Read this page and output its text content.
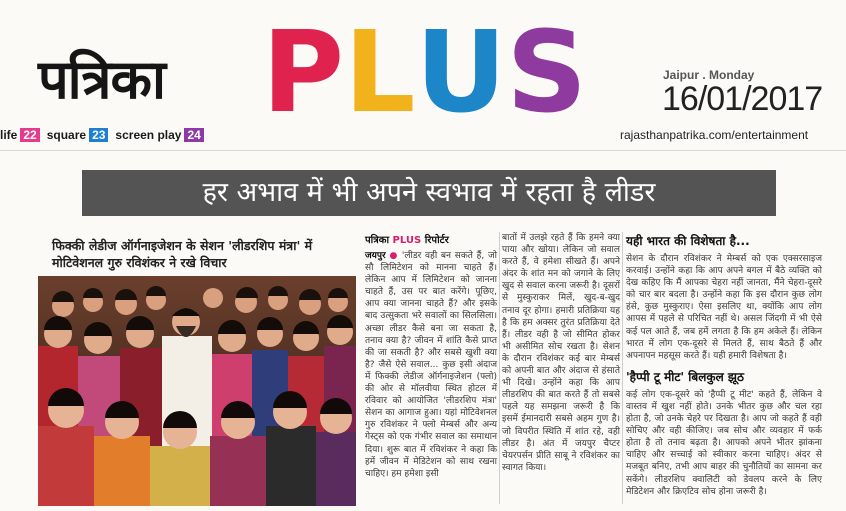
पत्रिका P L U S	Jaipur . Monday
16/01/2017
life 22 square 23 screen play 24	rajasthanpatrika.com/entertainment
हर अभाव में भी अपने स्वभाव में रहता है लीडर
फिक्की लेडीज ऑर्गनाइजेशन के सेशन 'लीडरशिप मंत्रा' में
मोटिवेशनल गुरु रविशंकर ने रखे विचार
पत्रिका PLUS रिपोर्टर
जयपुर ● 'लीडर वही बन सकते हैं, जो सौ लिमिटेशन को मानना चाहते हैं। लेकिन आप में लिमिटेशन को जानना चाहते हैं, उस पर बात करेंगे। पूछिए, आप क्या जानना चाहते हैं? और इसके बाद उत्सुकता भरे सवालों का सिलसिला। अच्छा लीडर कैसे बना जा सकता है, तनाव क्या है? जीवन में शांति कैसे प्राप्त की जा सकती है? और सबसे खुशी क्या है? जैसे ऐसे सवाल... कुछ इसी अंदाज में फिक्की लेडीज ऑर्गनाइजेशन (फ्लो) की ओर से मॉलवीया स्थित होटल में रविवार को आयोजित 'लीडरशिप मंत्रा' सेशन का आगाज हुआ। यहां मोटिवेशनल गुरु रविशंकर ने फ्लो मेम्बर्स और अन्य गेस्ट्स को एक गंभीर सवाल का समाधान दिया। शुरू बात में रविशंकर ने कहा कि हमें जीवन में मेडिटेशन को साथ रखना चाहिए। हम हमेशा इसी
बातों में उलझे रहते हैं कि हमने क्या पाया और खोया। लेकिन जो सवाल करते हैं, वे हमेशा सीखते हैं। अपने अंदर के शांत मन को जगाने के लिए खुद से सवाल करना जरूरी है। दूसरों से मुस्कुराकर मिलें, खुद-ब-खुद तनाव दूर होगा। हमारी प्रतिक्रिया यह है कि हम अक्सर तुरंत प्रतिक्रिया देते हैं। लीडर वही है जो सीमित होकर भी असीमित सोच रखता है। सेशन के दौरान रविशंकर कई बार मेम्बर्स को अपनी बात और अंदाज से हंसाते भी दिखे। उन्होंने कहा कि आप लीडरशिप की बात करते हैं तो सबसे पहले यह समझना जरूरी है कि इसमें ईमानदारी सबसे अहम गुण है। जो विपरीत स्थिति में शांत रहे, वही लीडर है। अंत में जयपुर चैप्टर चेयरपर्सन प्रीति साबू ने रविशंकर का स्वागत किया।
यही भारत की विशेषता है...
सेशन के दौरान रविशंकर ने मेम्बर्स को एक एक्सरसाइज करवाई। उन्होंने कहा कि आप अपने बगल में बैठे व्यक्ति को देख कहिए कि मैं आपका चेहरा नहीं जानता, मैंने चेहरा-दूसरे को चार बार बदला है। उन्होंने कहा कि इस दौरान कुछ लोग हंसे, कुछ मुस्कुराए। ऐसा इसलिए था, क्योंकि आप लोग आपस में पहले से परिचित नहीं थे। असल जिंदगी में भी ऐसे कई पल आते हैं, जब हमें लगता है कि हम अकेले हैं। लेकिन भारत में लोग एक-दूसरे से मिलते हैं, साथ बैठते हैं और अपनापन महसूस करते हैं। यही हमारी विशेषता है।
'हैप्पी टू मीट' बिलकुल झूठ
कई लोग एक-दूसरे को 'हैप्पी टू मीट' कहते हैं, लेकिन वे वास्तव में खुश नहीं होते। उनके भीतर कुछ और चल रहा होता है, जो उनके चेहरे पर दिखता है। आप जो कहते हैं वही सोचिए और वही कीजिए। जब सोच और व्यवहार में फर्क होता है तो तनाव बढ़ता है। आपको अपने भीतर झांकना चाहिए और सच्चाई को स्वीकार करना चाहिए। अंदर से मजबूत बनिए, तभी आप बाहर की चुनौतियों का सामना कर सकेंगे। लीडरशिप क्वालिटी को डेवलप करने के लिए मेडिटेशन और क्रिएटिव सोच होना जरूरी है।
